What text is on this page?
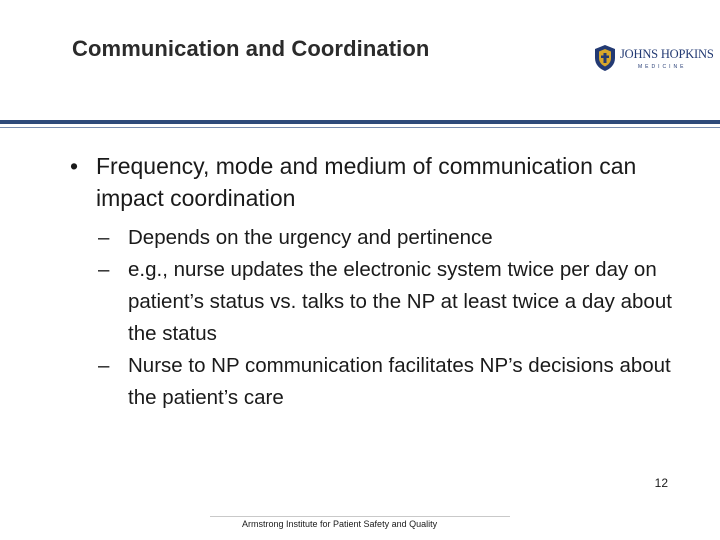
Communication and Coordination	JOHNS HOPKINS
MEDICINE
• Frequency, mode and medium of communication can impact coordination
– Depends on the urgency and pertinence
– e.g., nurse updates the electronic system twice per day on patient’s status vs. talks to the NP at least twice a day about the status
– Nurse to NP communication facilitates NP’s decisions about the patient’s care
12
Armstrong Institute for Patient Safety and Quality
